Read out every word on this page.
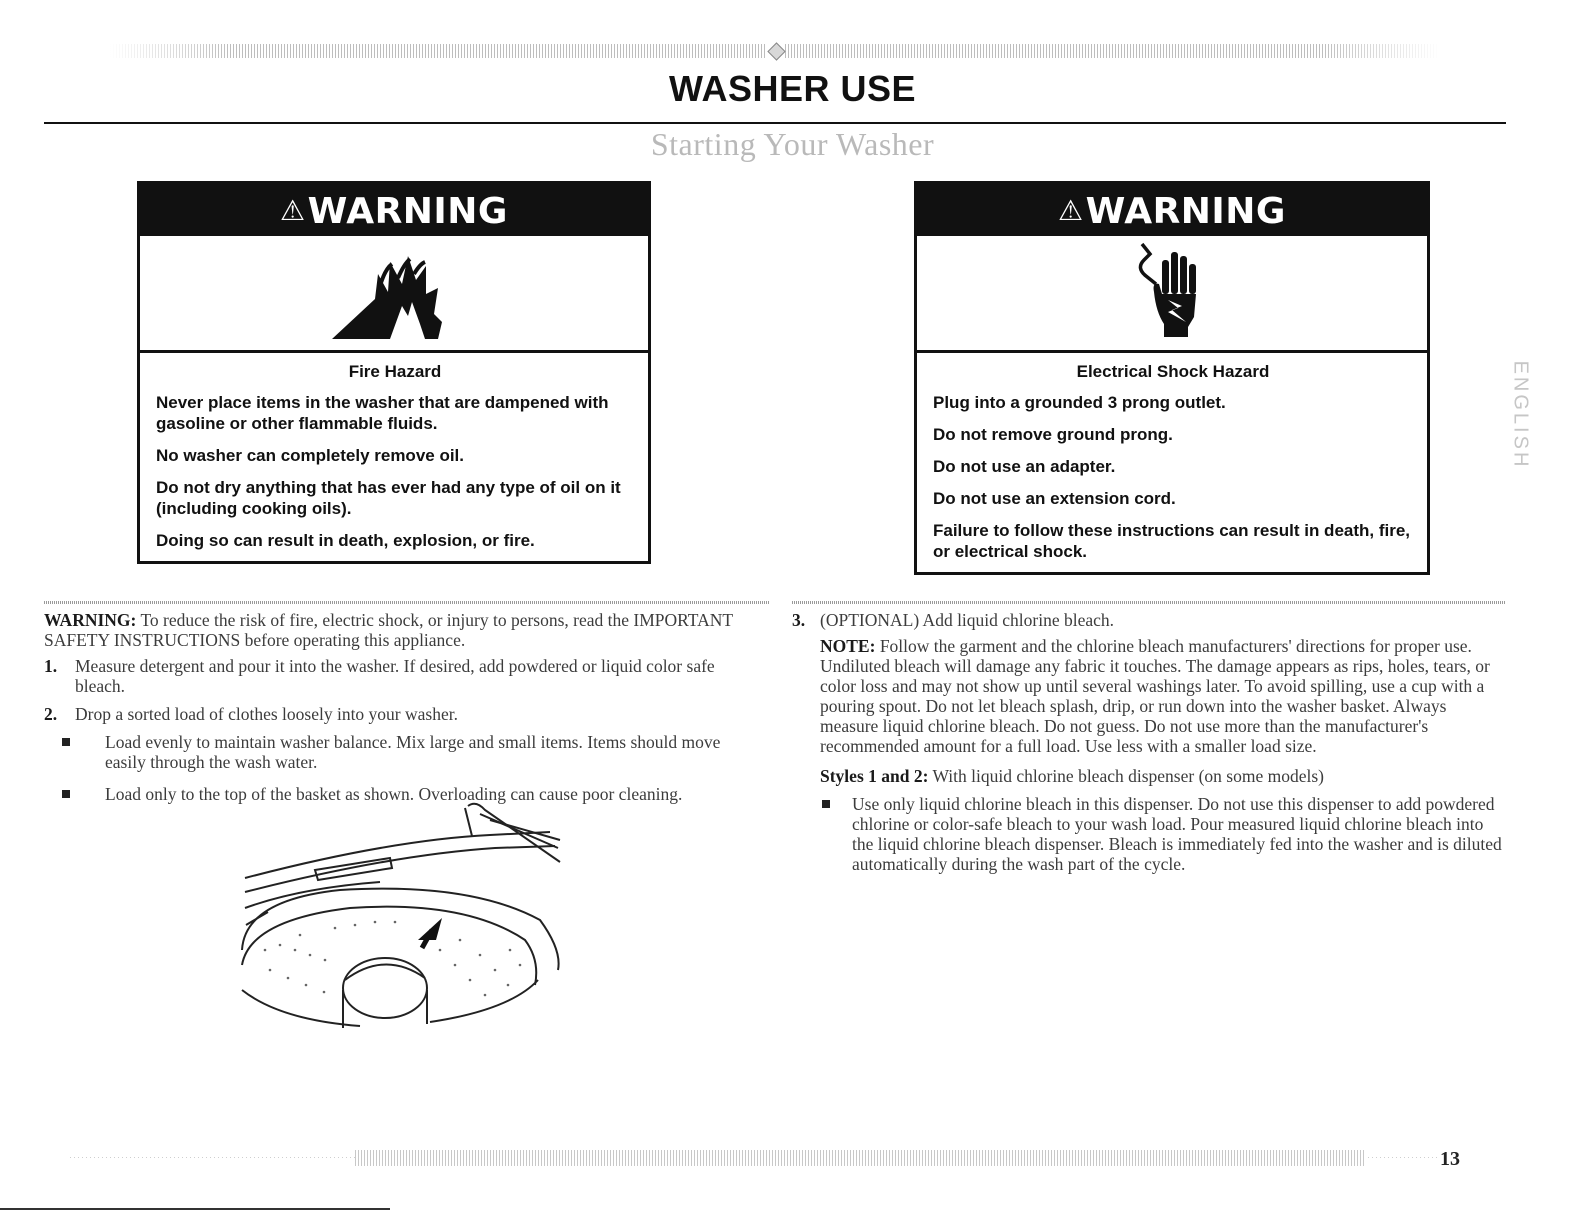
WASHER USE
Starting Your Washer
⚠WARNING
Fire Hazard

Never place items in the washer that are dampened with gasoline or other flammable fluids.

No washer can completely remove oil.

Do not dry anything that has ever had any type of oil on it (including cooking oils).

Doing so can result in death, explosion, or fire.

⚠WARNING
Electrical Shock Hazard

Plug into a grounded 3 prong outlet.

Do not remove ground prong.

Do not use an adapter.

Do not use an extension cord.

Failure to follow these instructions can result in death, fire, or electrical shock.

ENGLISH

WARNING: To reduce the risk of fire, electric shock, or injury to persons, read the IMPORTANT SAFETY INSTRUCTIONS before operating this appliance.

1. Measure detergent and pour it into the washer. If desired, add powdered or liquid color safe bleach.
2. Drop a sorted load of clothes loosely into your washer.
Load evenly to maintain washer balance. Mix large and small items. Items should move easily through the wash water.
Load only to the top of the basket as shown. Overloading can cause poor cleaning.
3. (OPTIONAL) Add liquid chlorine bleach.

NOTE: Follow the garment and the chlorine bleach manufacturers' directions for proper use. Undiluted bleach will damage any fabric it touches. The damage appears as rips, holes, tears, or color loss and may not show up until several washings later. To avoid spilling, use a cup with a pouring spout. Do not let bleach splash, drip, or run down into the washer basket. Always measure liquid chlorine bleach. Do not guess. Do not use more than the manufacturer's recommended amount for a full load. Use less with a smaller load size.

Styles 1 and 2: With liquid chlorine bleach dispenser (on some models)

Use only liquid chlorine bleach in this dispenser. Do not use this dispenser to add powdered chlorine or color-safe bleach to your wash load. Pour measured liquid chlorine bleach into the liquid chlorine bleach dispenser. Bleach is immediately fed into the washer and is diluted automatically during the wash part of the cycle.
13
